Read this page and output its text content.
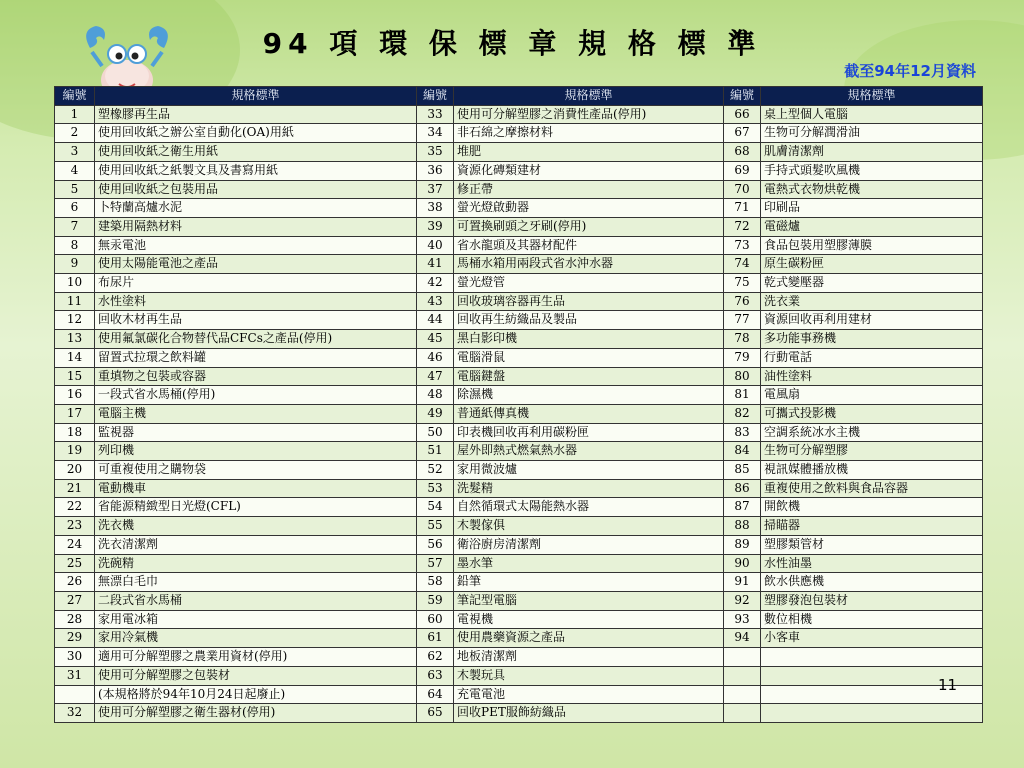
94 項 環 保 標 章 規 格 標 準
截至94年12月資料
編號	規格標準	編號	規格標準	編號	規格標準
1	塑橡膠再生品	33	使用可分解塑膠之消費性產品(停用)	66	桌上型個人電腦
2	使用回收紙之辦公室自動化(OA)用紙	34	非石綿之摩擦材料	67	生物可分解潤滑油
3	使用回收紙之衛生用紙	35	堆肥	68	肌膚清潔劑
4	使用回收紙之紙製文具及書寫用紙	36	資源化磚類建材	69	手持式頭髮吹風機
5	使用回收紙之包裝用品	37	修正帶	70	電熱式衣物烘乾機
6	卜特蘭高爐水泥	38	螢光燈啟動器	71	印刷品
7	建築用隔熱材料	39	可置換刷頭之牙刷(停用)	72	電磁爐
8	無汞電池	40	省水龍頭及其器材配件	73	食品包裝用塑膠薄膜
9	使用太陽能電池之產品	41	馬桶水箱用兩段式省水沖水器	74	原生碳粉匣
10	布尿片	42	螢光燈管	75	乾式變壓器
11	水性塗料	43	回收玻璃容器再生品	76	洗衣業
12	回收木材再生品	44	回收再生紡織品及製品	77	資源回收再利用建材
13	使用氟氯碳化合物替代品CFCs之產品(停用)	45	黑白影印機	78	多功能事務機
14	留置式拉環之飲料罐	46	電腦滑鼠	79	行動電話
15	重填物之包裝或容器	47	電腦鍵盤	80	油性塗料
16	一段式省水馬桶(停用)	48	除濕機	81	電風扇
17	電腦主機	49	普通紙傳真機	82	可攜式投影機
18	監視器	50	印表機回收再利用碳粉匣	83	空調系統冰水主機
19	列印機	51	屋外即熱式燃氣熱水器	84	生物可分解塑膠
20	可重複使用之購物袋	52	家用微波爐	85	視訊媒體播放機
21	電動機車	53	洗髮精	86	重複使用之飲料與食品容器
22	省能源精緻型日光燈(CFL)	54	自然循環式太陽能熱水器	87	開飲機
23	洗衣機	55	木製傢俱	88	掃瞄器
24	洗衣清潔劑	56	衛浴廚房清潔劑	89	塑膠類管材
25	洗碗精	57	墨水筆	90	水性油墨
26	無漂白毛巾	58	鉛筆	91	飲水供應機
27	二段式省水馬桶	59	筆記型電腦	92	塑膠發泡包裝材
28	家用電冰箱	60	電視機	93	數位相機
29	家用冷氣機	61	使用農藥資源之產品	94	小客車
30	適用可分解塑膠之農業用資材(停用)	62	地板清潔劑		
31	使用可分解塑膠之包裝材	63	木製玩具		
	(本規格將於94年10月24日起廢止)	64	充電電池		
32	使用可分解塑膠之衛生器材(停用)	65	回收PET服飾紡織品		
11
